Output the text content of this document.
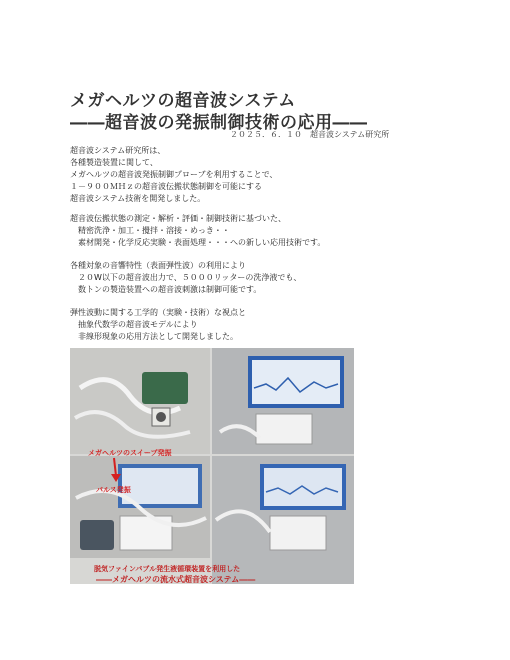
メガヘルツの超音波システム
――超音波の発振制御技術の応用――
２０２５．６．１０　超音波システム研究所
超音波システム研究所は、
各種製造装置に関して、
メガヘルツの超音波発振制御プローブを利用することで、
１－９００ＭＨｚの超音波伝搬状態制御を可能にする
超音波システム技術を開発しました。
超音波伝搬状態の測定・解析・評価・制御技術に基づいた、
　精密洗浄・加工・攪拌・溶接・めっき・・
　素材開発・化学反応実験・表面処理・・・への新しい応用技術です。
各種対象の音響特性（表面弾性波）の利用により
　２０W以下の超音波出力で、５０００リッターの洗浄液でも、
　数トンの製造装置への超音波刺激は制御可能です。
弾性波動に関する工学的（実験・技術）な視点と
　抽象代数学の超音波モデルにより
　非線形現象の応用方法として開発しました。
メガヘルツのスイープ発振
パルス発振
脱気ファインバブル発生液循環装置を利用した
――メガヘルツの流水式超音波システム――
